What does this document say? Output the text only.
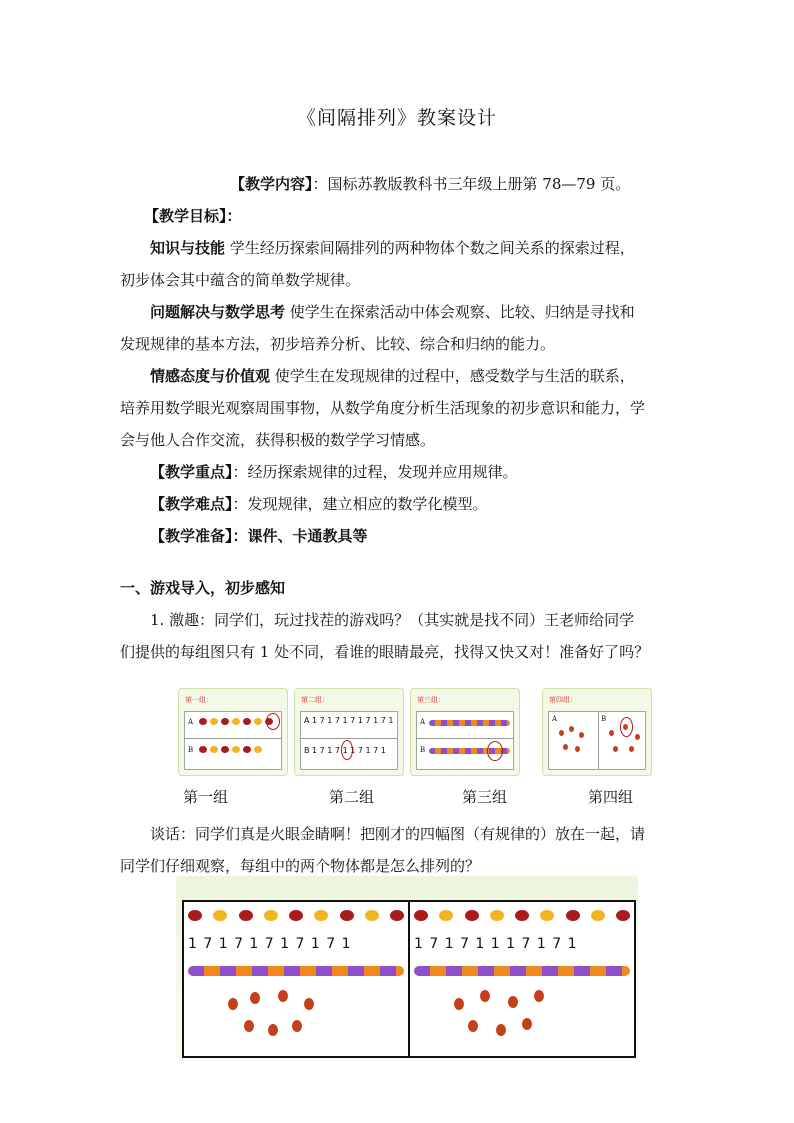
《间隔排列》教案设计
【教学内容】：国标苏教版教科书三年级上册第 78—79 页。
【教学目标】：
知识与技能 学生经历探索间隔排列的两种物体个数之间关系的探索过程，
初步体会其中蕴含的简单数学规律。
问题解决与数学思考 使学生在探索活动中体会观察、比较、归纳是寻找和
发现规律的基本方法，初步培养分析、比较、综合和归纳的能力。
情感态度与价值观 使学生在发现规律的过程中，感受数学与生活的联系，
培养用数学眼光观察周围事物，从数学角度分析生活现象的初步意识和能力，学
会与他人合作交流，获得积极的数学学习情感。
【教学重点】：经历探索规律的过程，发现并应用规律。
【教学难点】：发现规律，建立相应的数学化模型。
【教学准备】：课件、卡通教具等
一、游戏导入，初步感知
1. 激趣：同学们，玩过找茬的游戏吗？（其实就是找不同）王老师给同学
们提供的每组图只有 1 处不同，看谁的眼睛最亮，找得又快又对！准备好了吗？
第一组：
A
B
第二组：
A 1 7 1 7 1 7 1 7 1 7 1
B 1 7 1 7 1 1 7 1 7 1
第三组：
A
B
第四组：
A	B
第一组	第二组	第三组	第四组
谈话：同学们真是火眼金睛啊！把刚才的四幅图（有规律的）放在一起，请
同学们仔细观察，每组中的两个物体都是怎么排列的？
1 7 1 7 1 7 1 7 1 7 1	1 7 1 7 1 1 1 7 1 7 1
